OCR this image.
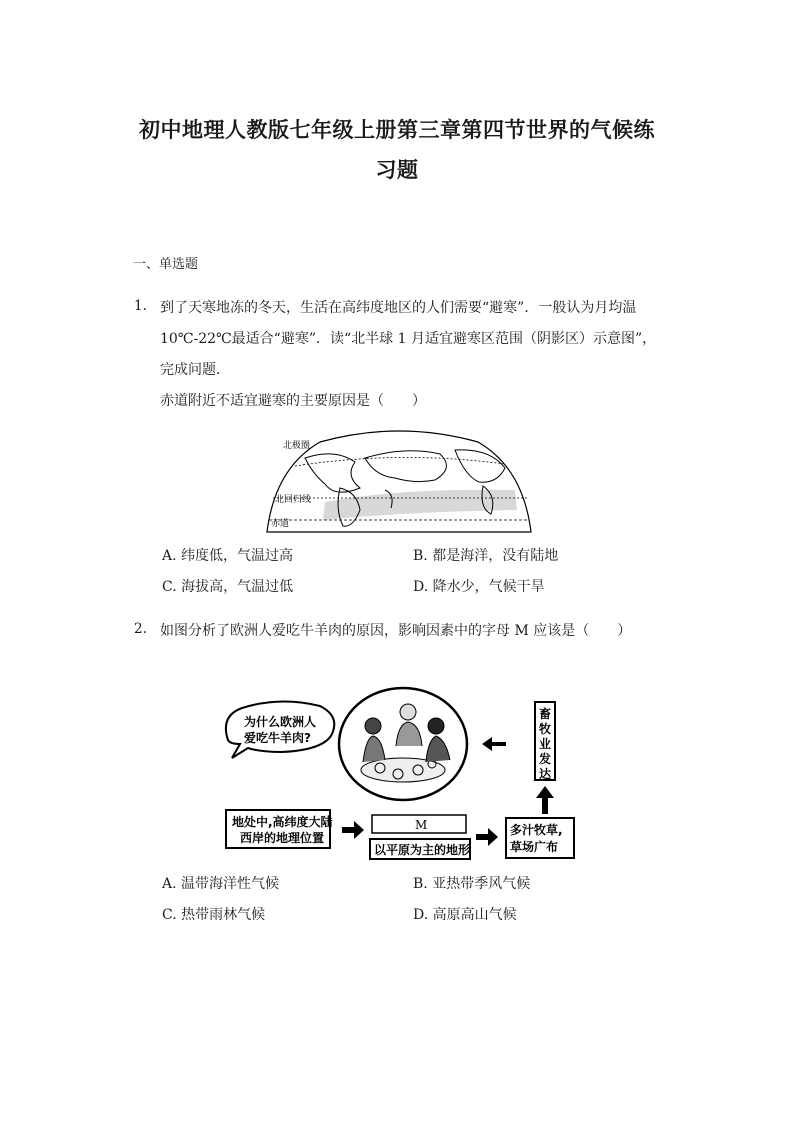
初中地理人教版七年级上册第三章第四节世界的气候练
习题
一、单选题
1. 到了天寒地冻的冬天，生活在高纬度地区的人们需要“避寒”．一般认为月均温
10℃-22℃最适合“避寒”．读“北半球 1 月适宜避寒区范围（阴影区）示意图”，
完成问题．
赤道附近不适宜避寒的主要原因是（　　）
北极圈
北回归线
赤道
A. 纬度低，气温过高	B. 都是海洋，没有陆地
C. 海拔高，气温过低	D. 降水少，气候干旱
2. 如图分析了欧洲人爱吃牛羊肉的原因，影响因素中的字母 M 应该是（　　）
为什么欧洲人
爱吃牛羊肉?
畜牧业发达
地处中,高纬度大陆
西岸的地理位置
M
以平原为主的地形
多汁牧草,
草场广布
A. 温带海洋性气候	B. 亚热带季风气候
C. 热带雨林气候	D. 高原高山气候
